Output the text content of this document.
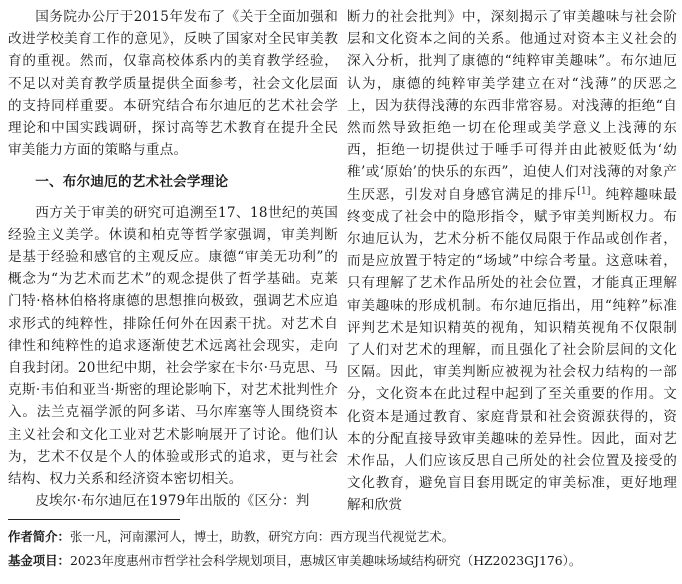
国务院办公厅于2015年发布了《关于全面加强和改进学校美育工作的意见》，反映了国家对全民审美教育的重视。然而，仅靠高校体系内的美育教学经验，不足以对美育教学质量提供全面参考，社会文化层面的支持同样重要。本研究结合布尔迪厄的艺术社会学理论和中国实践调研，探讨高等艺术教育在提升全民审美能力方面的策略与重点。

一、布尔迪厄的艺术社会学理论

西方关于审美的研究可追溯至17、18世纪的英国经验主义美学。休谟和柏克等哲学家强调，审美判断是基于经验和感官的主观反应。康德“审美无功利”的概念为“为艺术而艺术”的观念提供了哲学基础。克莱门特·格林伯格将康德的思想推向极致，强调艺术应追求形式的纯粹性，排除任何外在因素干扰。对艺术自律性和纯粹性的追求逐渐使艺术远离社会现实，走向自我封闭。20世纪中期，社会学家在卡尔·马克思、马克斯·韦伯和亚当·斯密的理论影响下，对艺术批判性介入。法兰克福学派的阿多诺、马尔库塞等人围绕资本主义社会和文化工业对艺术影响展开了讨论。他们认为，艺术不仅是个人的体验或形式的追求，更与社会结构、权力关系和经济资本密切相关。

皮埃尔·布尔迪厄在1979年出版的《区分：判

断力的社会批判》中，深刻揭示了审美趣味与社会阶层和文化资本之间的关系。他通过对资本主义社会的深入分析，批判了康德的“纯粹审美趣味”。布尔迪厄认为，康德的纯粹审美学建立在对“浅薄”的厌恶之上，因为获得浅薄的东西非常容易。对浅薄的拒绝“自然而然导致拒绝一切在伦理或美学意义上浅薄的东西，拒绝一切提供过于唾手可得并由此被贬低为‘幼稚’或‘原始’的快乐的东西”，迫使人们对浅薄的对象产生厌恶，引发对自身感官满足的排斥[1]。纯粹趣味最终变成了社会中的隐形指令，赋予审美判断权力。布尔迪厄认为，艺术分析不能仅局限于作品或创作者，而是应放置于特定的“场域”中综合考量。这意味着，只有理解了艺术作品所处的社会位置，才能真正理解审美趣味的形成机制。布尔迪厄指出，用“纯粹”标准评判艺术是知识精英的视角，知识精英视角不仅限制了人们对艺术的理解，而且强化了社会阶层间的文化区隔。因此，审美判断应被视为社会权力结构的一部分，文化资本在此过程中起到了至关重要的作用。文化资本是通过教育、家庭背景和社会资源获得的，资本的分配直接导致审美趣味的差异性。因此，面对艺术作品，人们应该反思自己所处的社会位置及接受的文化教育，避免盲目套用既定的审美标准，更好地理解和欣赏

作者简介：张一凡，河南漯河人，博士，助教，研究方向：西方现当代视觉艺术。
基金项目：2023年度惠州市哲学社会科学规划项目，惠城区审美趣味场域结构研究（HZ2023GJ176）。
